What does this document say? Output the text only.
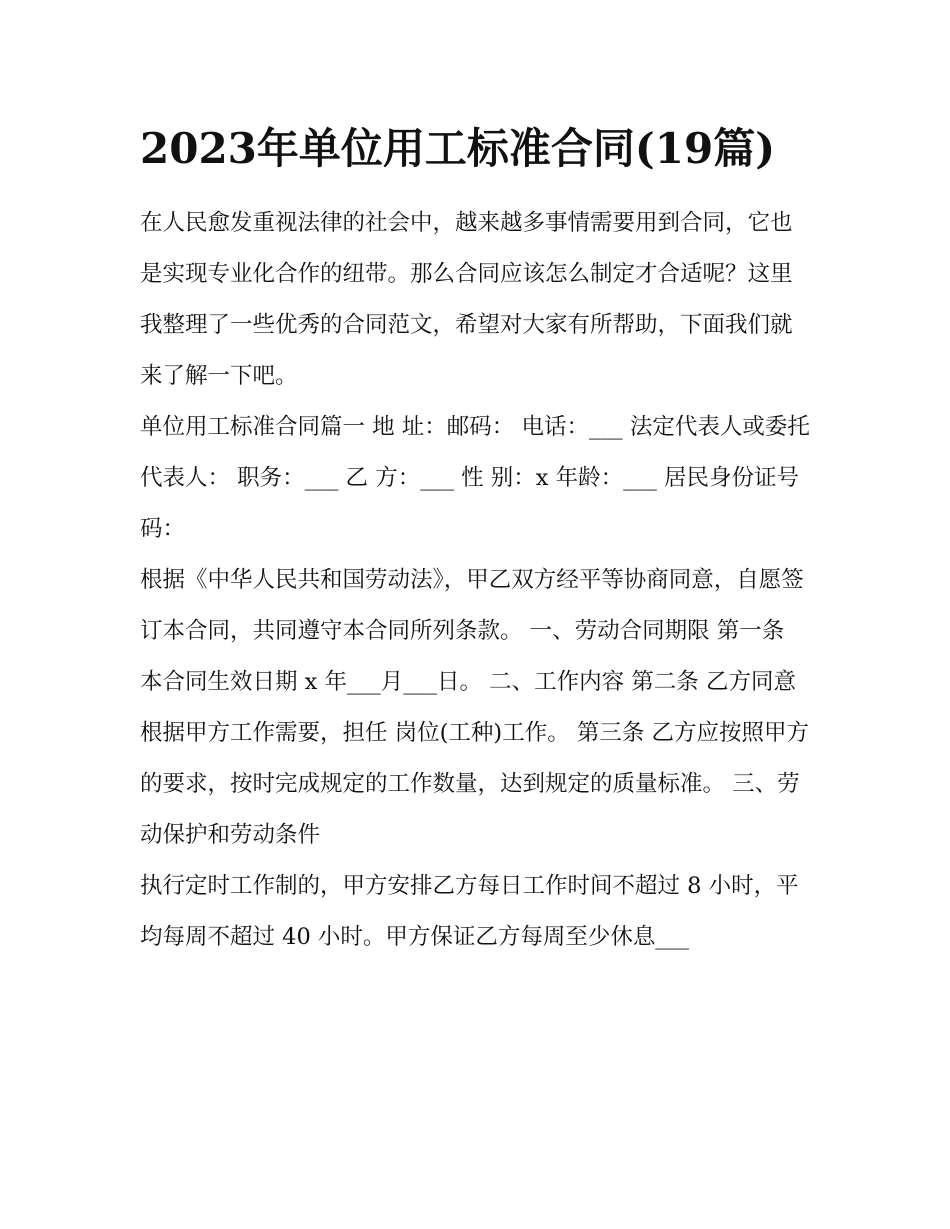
2023年单位用工标准合同(19篇)

在人民愈发重视法律的社会中，越来越多事情需要用到合同，它也是实现专业化合作的纽带。那么合同应该怎么制定才合适呢？这里我整理了一些优秀的合同范文，希望对大家有所帮助，下面我们就来了解一下吧。

单位用工标准合同篇一 地 址：邮码： 电话：___ 法定代表人或委托代表人： 职务：___ 乙 方：___ 性 别：x 年龄：___ 居民身份证号码：

根据《中华人民共和国劳动法》，甲乙双方经平等协商同意，自愿签订本合同，共同遵守本合同所列条款。 一、劳动合同期限 第一条

本合同生效日期 x 年___月___日。 二、工作内容 第二条 乙方同意根据甲方工作需要，担任 岗位(工种)工作。 第三条 乙方应按照甲方的要求，按时完成规定的工作数量，达到规定的质量标准。 三、劳动保护和劳动条件

执行定时工作制的，甲方安排乙方每日工作时间不超过 8 小时，平均每周不超过 40 小时。甲方保证乙方每周至少休息___
